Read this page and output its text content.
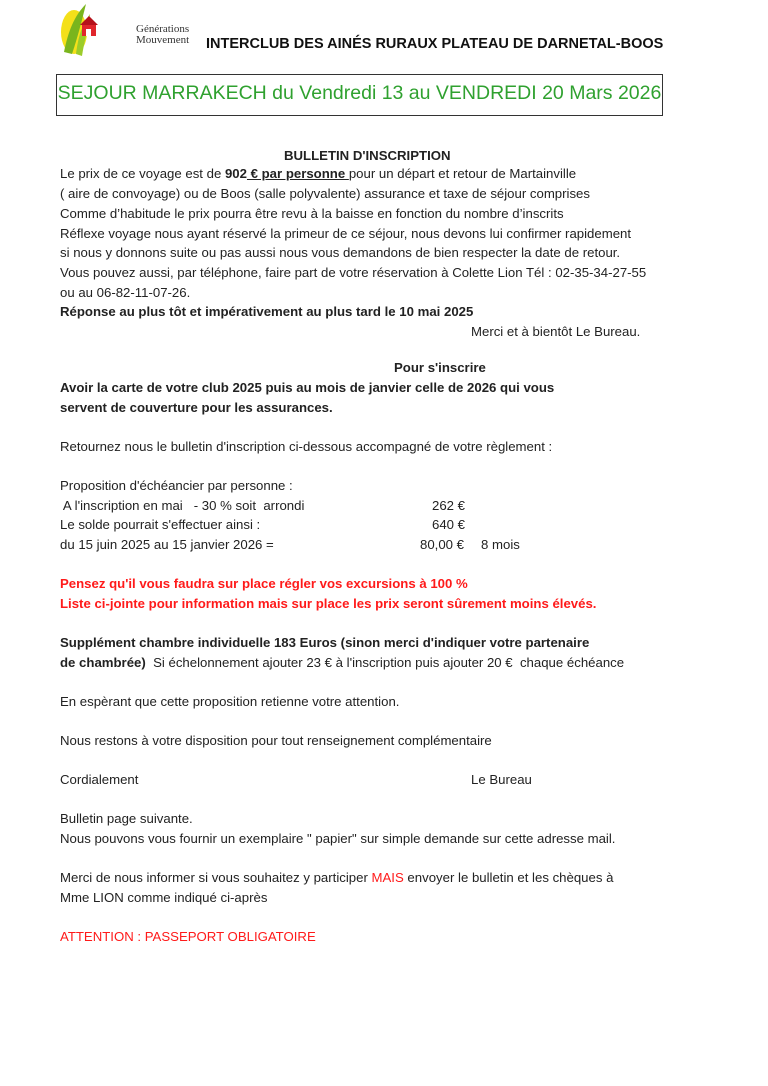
Générations
Mouvement INTERCLUB DES AINÉS RURAUX PLATEAU DE DARNETAL-BOOS
SEJOUR MARRAKECH du Vendredi 13 au VENDREDI 20 Mars 2026
BULLETIN D'INSCRIPTION
Le prix de ce voyage est de 902 € par personne pour un départ et retour de Martainville
( aire de convoyage) ou de Boos (salle polyvalente) assurance et taxe de séjour comprises
Comme d’habitude le prix pourra être revu à la baisse en fonction du nombre d’inscrits
Réflexe voyage nous ayant réservé la primeur de ce séjour, nous devons lui confirmer rapidement
si nous y donnons suite ou pas aussi nous vous demandons de bien respecter la date de retour.
Vous pouvez aussi, par téléphone, faire part de votre réservation à Colette Lion Tél : 02-35-34-27-55
ou au 06-82-11-07-26.
Réponse au plus tôt et impérativement au plus tard le 10 mai 2025
Merci et à bientôt Le Bureau.
Pour s'inscrire
Avoir la carte de votre club 2025 puis au mois de janvier celle de 2026 qui vous
servent de couverture pour les assurances.
Retournez nous le bulletin d'inscription ci-dessous accompagné de votre règlement :
Proposition d'échéancier par personne :
A l'inscription en mai   - 30 % soit  arrondi	262 €
Le solde pourrait s'effectuer ainsi :	640 €
du 15 juin 2025 au 15 janvier 2026 =	80,00 € 8 mois
Pensez qu'il vous faudra sur place régler vos excursions à 100 %
Liste ci-jointe pour information mais sur place les prix seront sûrement moins élevés.
Supplément chambre individuelle 183 Euros (sinon merci d'indiquer votre partenaire
de chambrée)  Si échelonnement ajouter 23 € à l'inscription puis ajouter 20 €  chaque échéance
En espèrant que cette proposition retienne votre attention.
Nous restons à votre disposition pour tout renseignement complémentaire
Cordialement	Le Bureau
Bulletin page suivante.
Nous pouvons vous fournir un exemplaire " papier" sur simple demande sur cette adresse mail.
Merci de nous informer si vous souhaitez y participer MAIS envoyer le bulletin et les chèques à
Mme LION comme indiqué ci-après
ATTENTION : PASSEPORT OBLIGATOIRE
